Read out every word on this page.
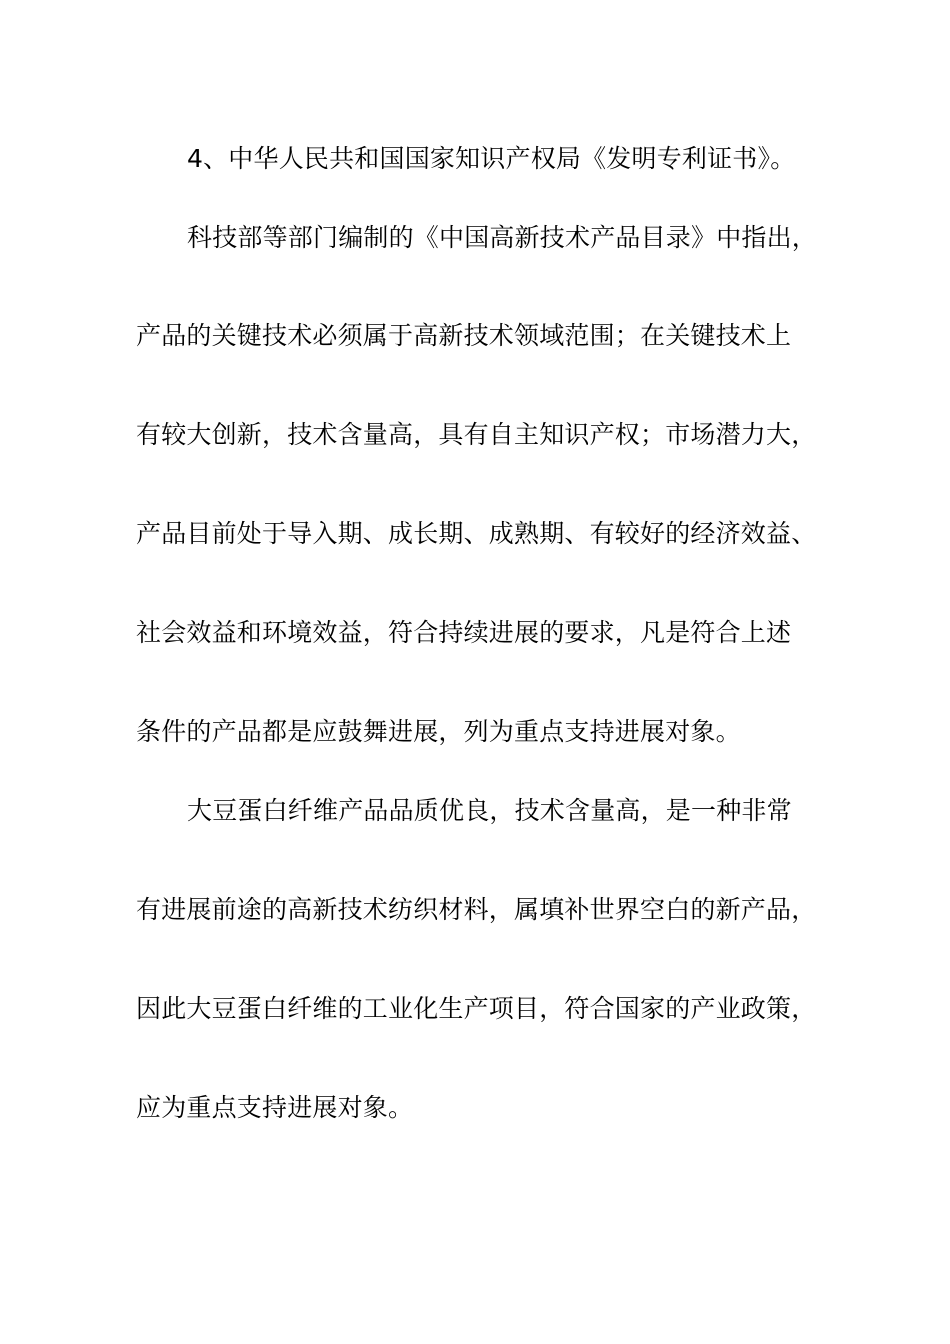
4、中华人民共和国国家知识产权局《发明专利证书》。
科技部等部门编制的《中国高新技术产品目录》中指出，
产品的关键技术必须属于高新技术领域范围；在关键技术上
有较大创新，技术含量高，具有自主知识产权；市场潜力大，
产品目前处于导入期、成长期、成熟期、有较好的经济效益、
社会效益和环境效益，符合持续进展的要求，凡是符合上述
条件的产品都是应鼓舞进展，列为重点支持进展对象。
大豆蛋白纤维产品品质优良，技术含量高，是一种非常
有进展前途的高新技术纺织材料，属填补世界空白的新产品，
因此大豆蛋白纤维的工业化生产项目，符合国家的产业政策，
应为重点支持进展对象。
